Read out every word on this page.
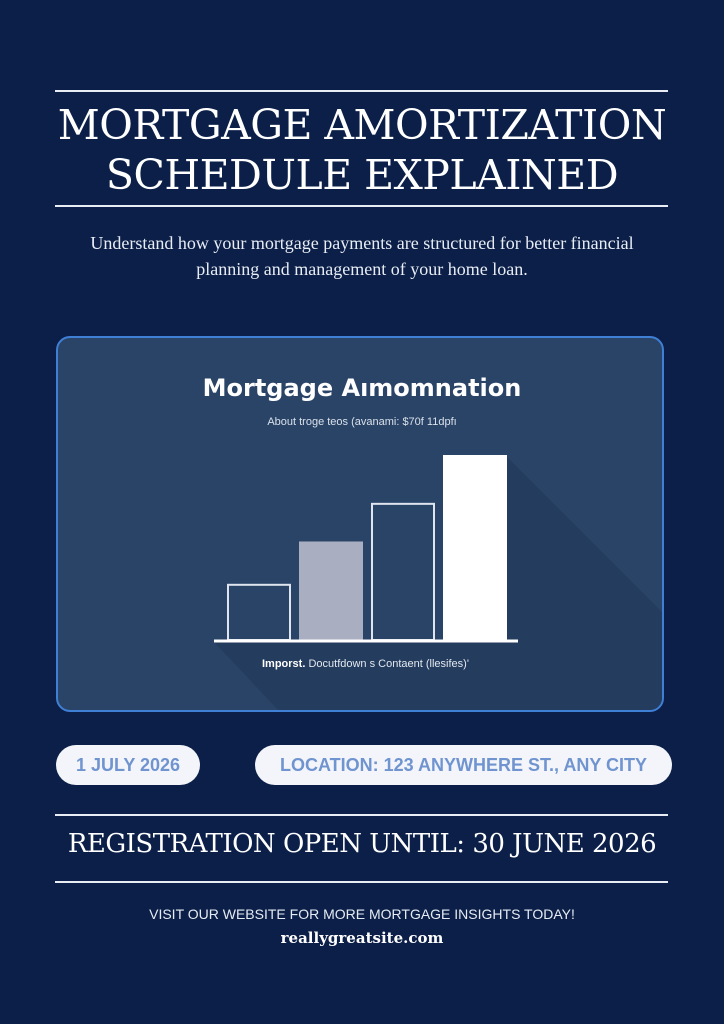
MORTGAGE AMORTIZATION
SCHEDULE EXPLAINED

Understand how your mortgage payments are structured for better financial planning and management of your home loan.

Mortgage Aımomnation
About troge teos (avanami: $70f 11dpfı
Imporst. Docutfdown s Contaent (llesifes)'
1 JULY 2026	LOCATION: 123 ANYWHERE ST., ANY CITY
REGISTRATION OPEN UNTIL: 30 JUNE 2026
VISIT OUR WEBSITE FOR MORE MORTGAGE INSIGHTS TODAY!
reallygreatsite.com
